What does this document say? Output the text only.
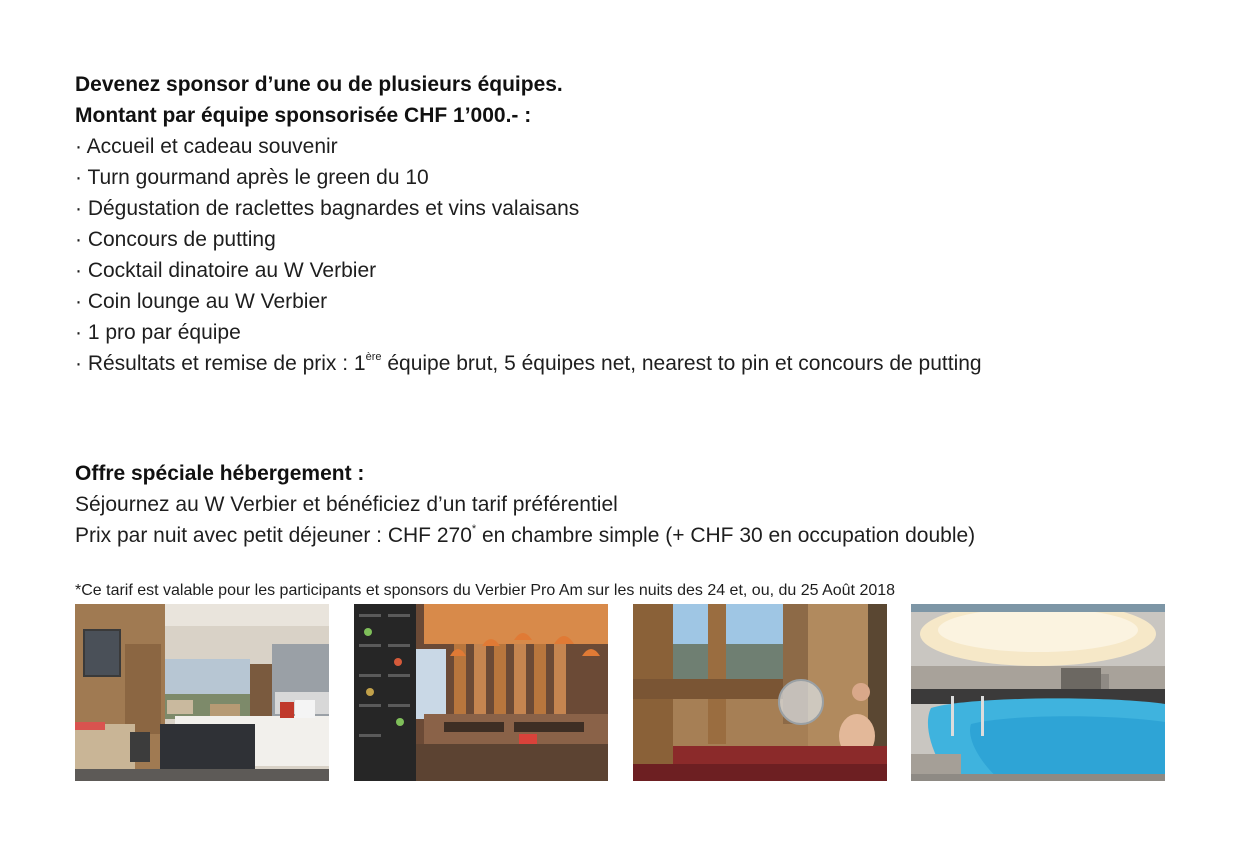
Devenez sponsor d’une ou de plusieurs équipes.
Montant par équipe sponsorisée CHF 1’000.- :
· Accueil et cadeau souvenir
· Turn gourmand après le green du 10
· Dégustation de raclettes bagnardes et vins valaisans
· Concours de putting
· Cocktail dinatoire au W Verbier
· Coin lounge au W Verbier
· 1 pro par équipe
· Résultats et remise de prix : 1ère équipe brut, 5 équipes net, nearest to pin et concours de putting
Offre spéciale hébergement :
Séjournez au W Verbier et bénéficiez d’un tarif préférentiel
Prix par nuit avec petit déjeuner : CHF 270* en chambre simple (+ CHF 30 en occupation double)
*Ce tarif est valable pour les participants et sponsors du Verbier Pro Am sur les nuits des 24 et, ou, du 25 Août 2018
